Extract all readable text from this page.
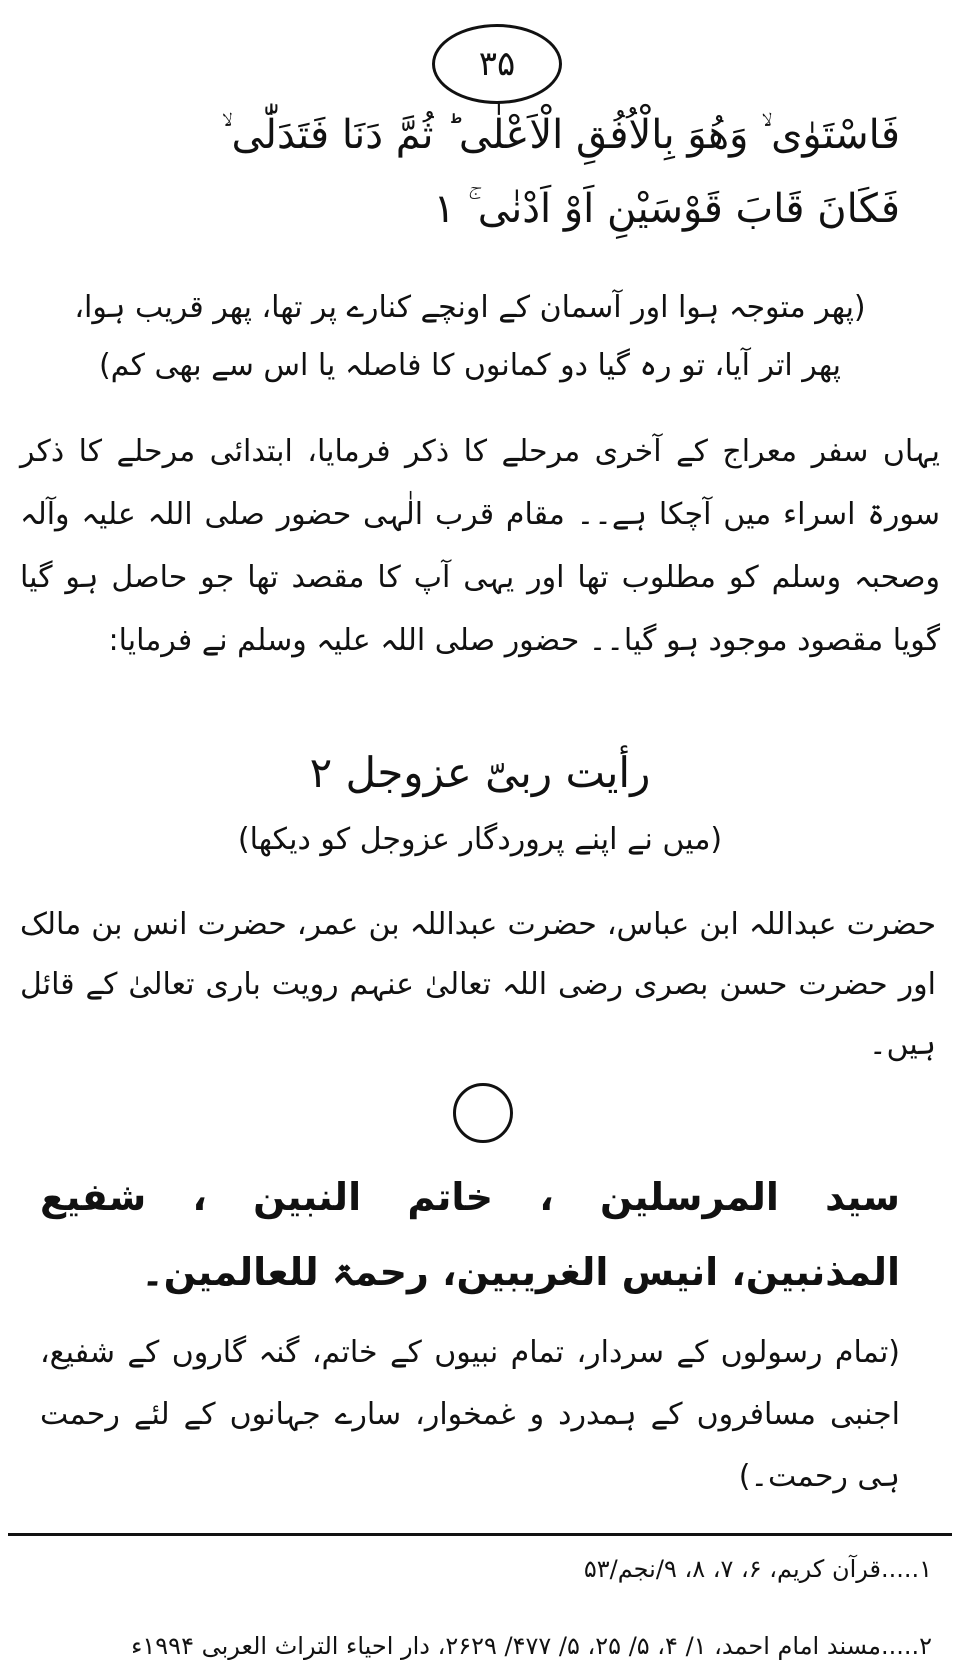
۳۵
فَاسْتَوٰی ۙ وَھُوَ بِالْاُفُقِ الْاَعْلٰی ؕ ثُمَّ دَنَا فَتَدَلّٰی ۙ
فَکَانَ قَابَ قَوْسَیْنِ اَوْ اَدْنٰی ۚ ۱
(پھر متوجہ ہوا اور آسمان کے اونچے کنارے پر تھا، پھر قریب ہوا،
پھر اتر آیا، تو رہ گیا دو کمانوں کا فاصلہ یا اس سے بھی کم)
یہاں سفر معراج کے آخری مرحلے کا ذکر فرمایا، ابتدائی مرحلے کا ذکر سورۃ اسراء میں آچکا ہے۔۔ مقام قرب الٰہی حضور صلی اللہ علیہ وآلہ وصحبہ وسلم کو مطلوب تھا اور یہی آپ کا مقصد تھا جو حاصل ہو گیا گویا مقصود موجود ہو گیا۔۔ حضور صلی اللہ علیہ وسلم نے فرمایا:
رأیت ربیّ عزوجل ۲
(میں نے اپنے پروردگار عزوجل کو دیکھا)
حضرت عبداللہ ابن عباس، حضرت عبداللہ بن عمر، حضرت انس بن مالک اور حضرت حسن بصری رضی اللہ تعالیٰ عنہم رویت باری تعالیٰ کے قائل ہیں۔
سید المرسلین ، خاتم النبین ، شفیع
المذنبین، انیس الغریبین، رحمۃ للعالمین۔
(تمام رسولوں کے سردار، تمام نبیوں کے خاتم، گنہ گاروں کے شفیع، اجنبی مسافروں کے ہمدرد و غمخوار، سارے جہانوں کے لئے رحمت ہی رحمت۔)
۱.....قرآن کریم، ۶، ۷، ۸، ۹/نجم/۵۳
۲.....مسند امام احمد، ۱/ ۴، ۵/ ۲۵، ۵/ ۴۷۷/ ۲۶۲۹، دار احیاء التراث العربی ۱۹۹۴ء
